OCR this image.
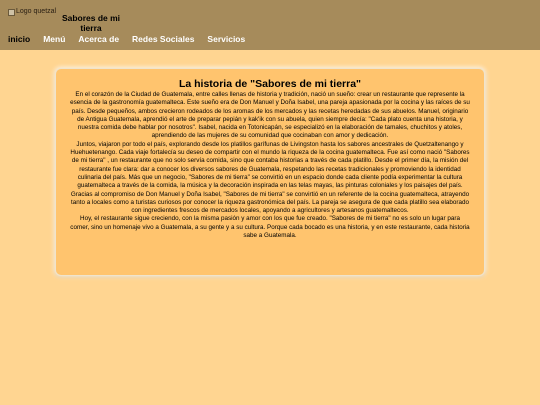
Logo quetzal
Sabores de mi tierra
inicio Menú Acerca de Redes Sociales Servicios
La historia de "Sabores de mi tierra"

En el corazón de la Ciudad de Guatemala, entre calles llenas de historia y tradición, nació un sueño: crear un restaurante que represente la esencia de la gastronomía guatemalteca. Este sueño era de Don Manuel y Doña Isabel, una pareja apasionada por la cocina y las raíces de su país. Desde pequeños, ambos crecieron rodeados de los aromas de los mercados y las recetas heredadas de sus abuelos. Manuel, originario de Antigua Guatemala, aprendió el arte de preparar pepián y kak'ik con su abuela, quien siempre decía: "Cada plato cuenta una historia, y nuestra comida debe hablar por nosotros". Isabel, nacida en Totonicapán, se especializó en la elaboración de tamales, chuchitos y atoles, aprendiendo de las mujeres de su comunidad que cocinaban con amor y dedicación.

Juntos, viajaron por todo el país, explorando desde los platillos garífunas de Livingston hasta los sabores ancestrales de Quetzaltenango y Huehuetenango. Cada viaje fortalecía su deseo de compartir con el mundo la riqueza de la cocina guatemalteca. Fue así como nació "Sabores de mi tierra" , un restaurante que no solo servía comida, sino que contaba historias a través de cada platillo. Desde el primer día, la misión del restaurante fue clara: dar a conocer los diversos sabores de Guatemala, respetando las recetas tradicionales y promoviendo la identidad culinaria del país. Más que un negocio, "Sabores de mi tierra" se convirtió en un espacio donde cada cliente podía experimentar la cultura guatemalteca a través de la comida, la música y la decoración inspirada en las telas mayas, las pinturas coloniales y los paisajes del país.

Gracias al compromiso de Don Manuel y Doña Isabel, "Sabores de mi tierra" se convirtió en un referente de la cocina guatemalteca, atrayendo tanto a locales como a turistas curiosos por conocer la riqueza gastronómica del país. La pareja se asegura de que cada platillo sea elaborado con ingredientes frescos de mercados locales, apoyando a agricultores y artesanos guatemaltecos.

Hoy, el restaurante sigue creciendo, con la misma pasión y amor con los que fue creado. "Sabores de mi tierra" no es solo un lugar para comer, sino un homenaje vivo a Guatemala, a su gente y a su cultura. Porque cada bocado es una historia, y en este restaurante, cada historia sabe a Guatemala.
